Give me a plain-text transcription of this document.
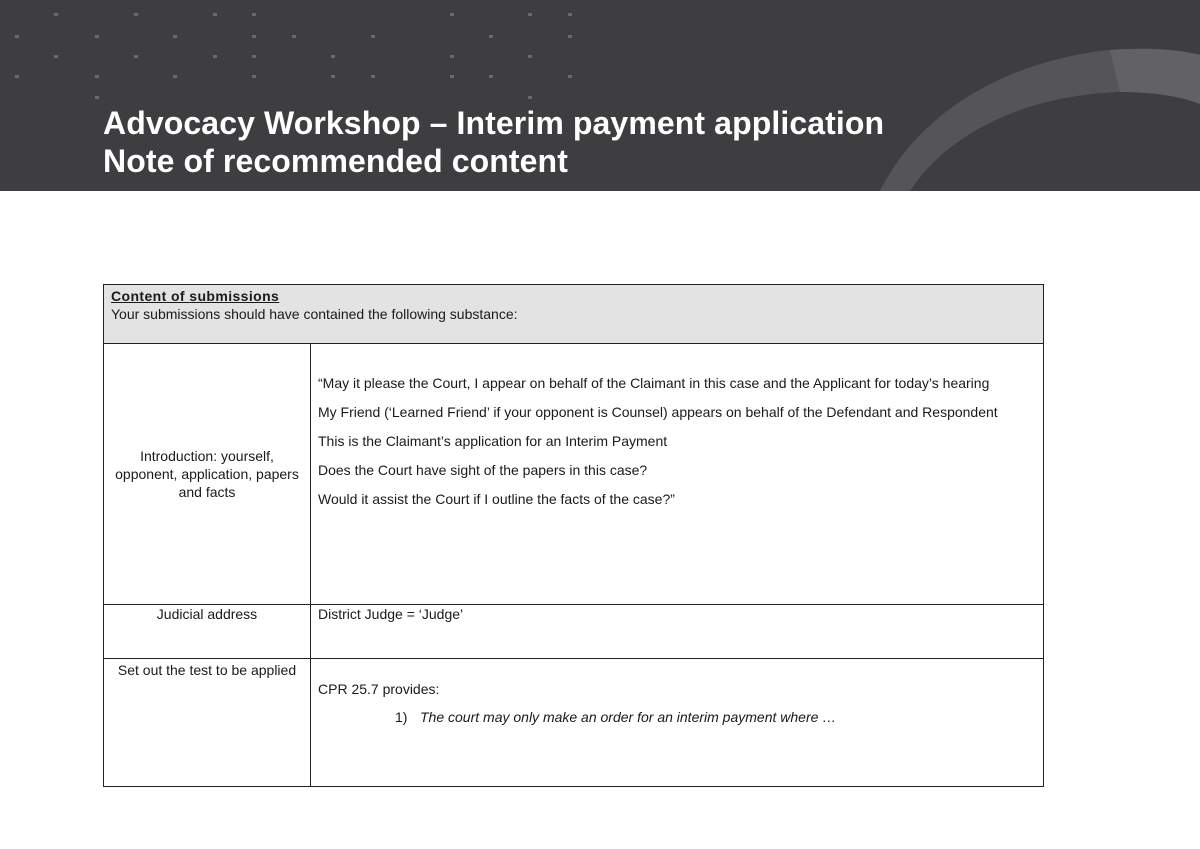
Advocacy Workshop – Interim payment application
Note of recommended content
Content of submissions
Your submissions should have contained the following substance:	

Introduction: yourself, opponent, application, papers and facts	“May it please the Court, I appear on behalf of the Claimant in this case and the Applicant for today’s hearing

My Friend (‘Learned Friend’ if your opponent is Counsel) appears on behalf of the Defendant and Respondent

This is the Claimant’s application for an Interim Payment

Does the Court have sight of the papers in this case?

Would it assist the Court if I outline the facts of the case?”

Judicial address	District Judge = ‘Judge’
Set out the test to be applied	CPR 25.7 provides:
1) The court may only make an order for an interim payment where …
